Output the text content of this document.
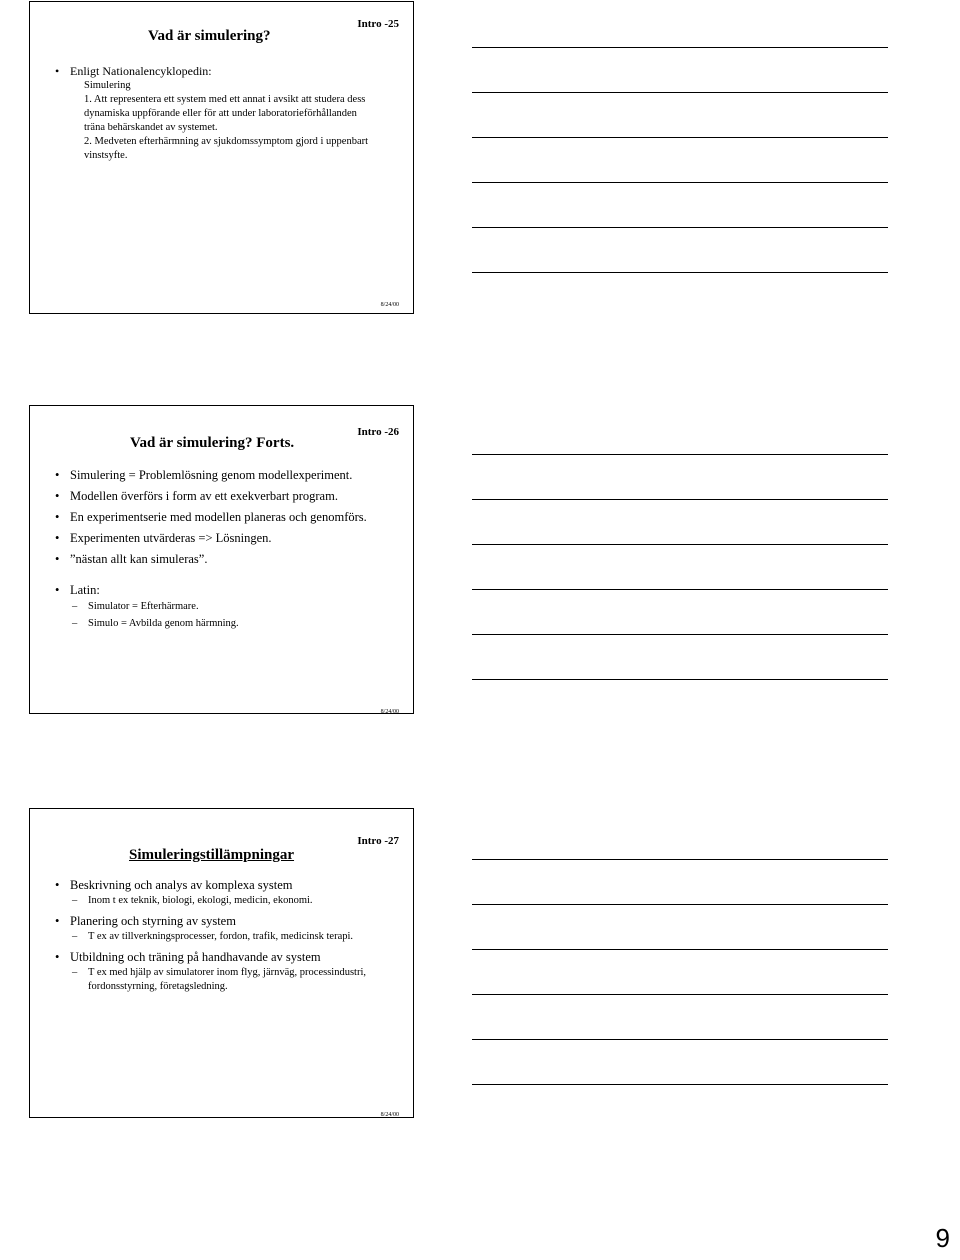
Vad är simulering?
Intro -25
• Enligt Nationalencyklopedin:
Simulering
1. Att representera ett system med ett annat i avsikt att studera dess
dynamiska uppförande eller för att under laboratorieförhållanden
träna behärskandet av systemet.
2. Medveten efterhärmning av sjukdomssymptom gjord i uppenbart
vinstsyfte.
8/24/00
Vad är simulering? Forts.
Intro -26
• Simulering = Problemlösning genom modellexperiment.
• Modellen överförs i form av ett exekverbart program.
• En experimentserie med modellen planeras och genomförs.
• Experimenten utvärderas => Lösningen.
• ”nästan allt kan simuleras”.
• Latin:
– Simulator = Efterhärmare.
– Simulo = Avbilda genom härmning.
8/24/00
Simuleringstillämpningar
Intro -27
• Beskrivning och analys av komplexa system
– Inom t ex teknik, biologi, ekologi, medicin, ekonomi.
• Planering och styrning av system
– T ex av tillverkningsprocesser, fordon, trafik, medicinsk terapi.
• Utbildning och träning på handhavande av system
– T ex med hjälp av simulatorer inom flyg, järnväg, processindustri,
fordonsstyrning, företagsledning.
8/24/00
9
